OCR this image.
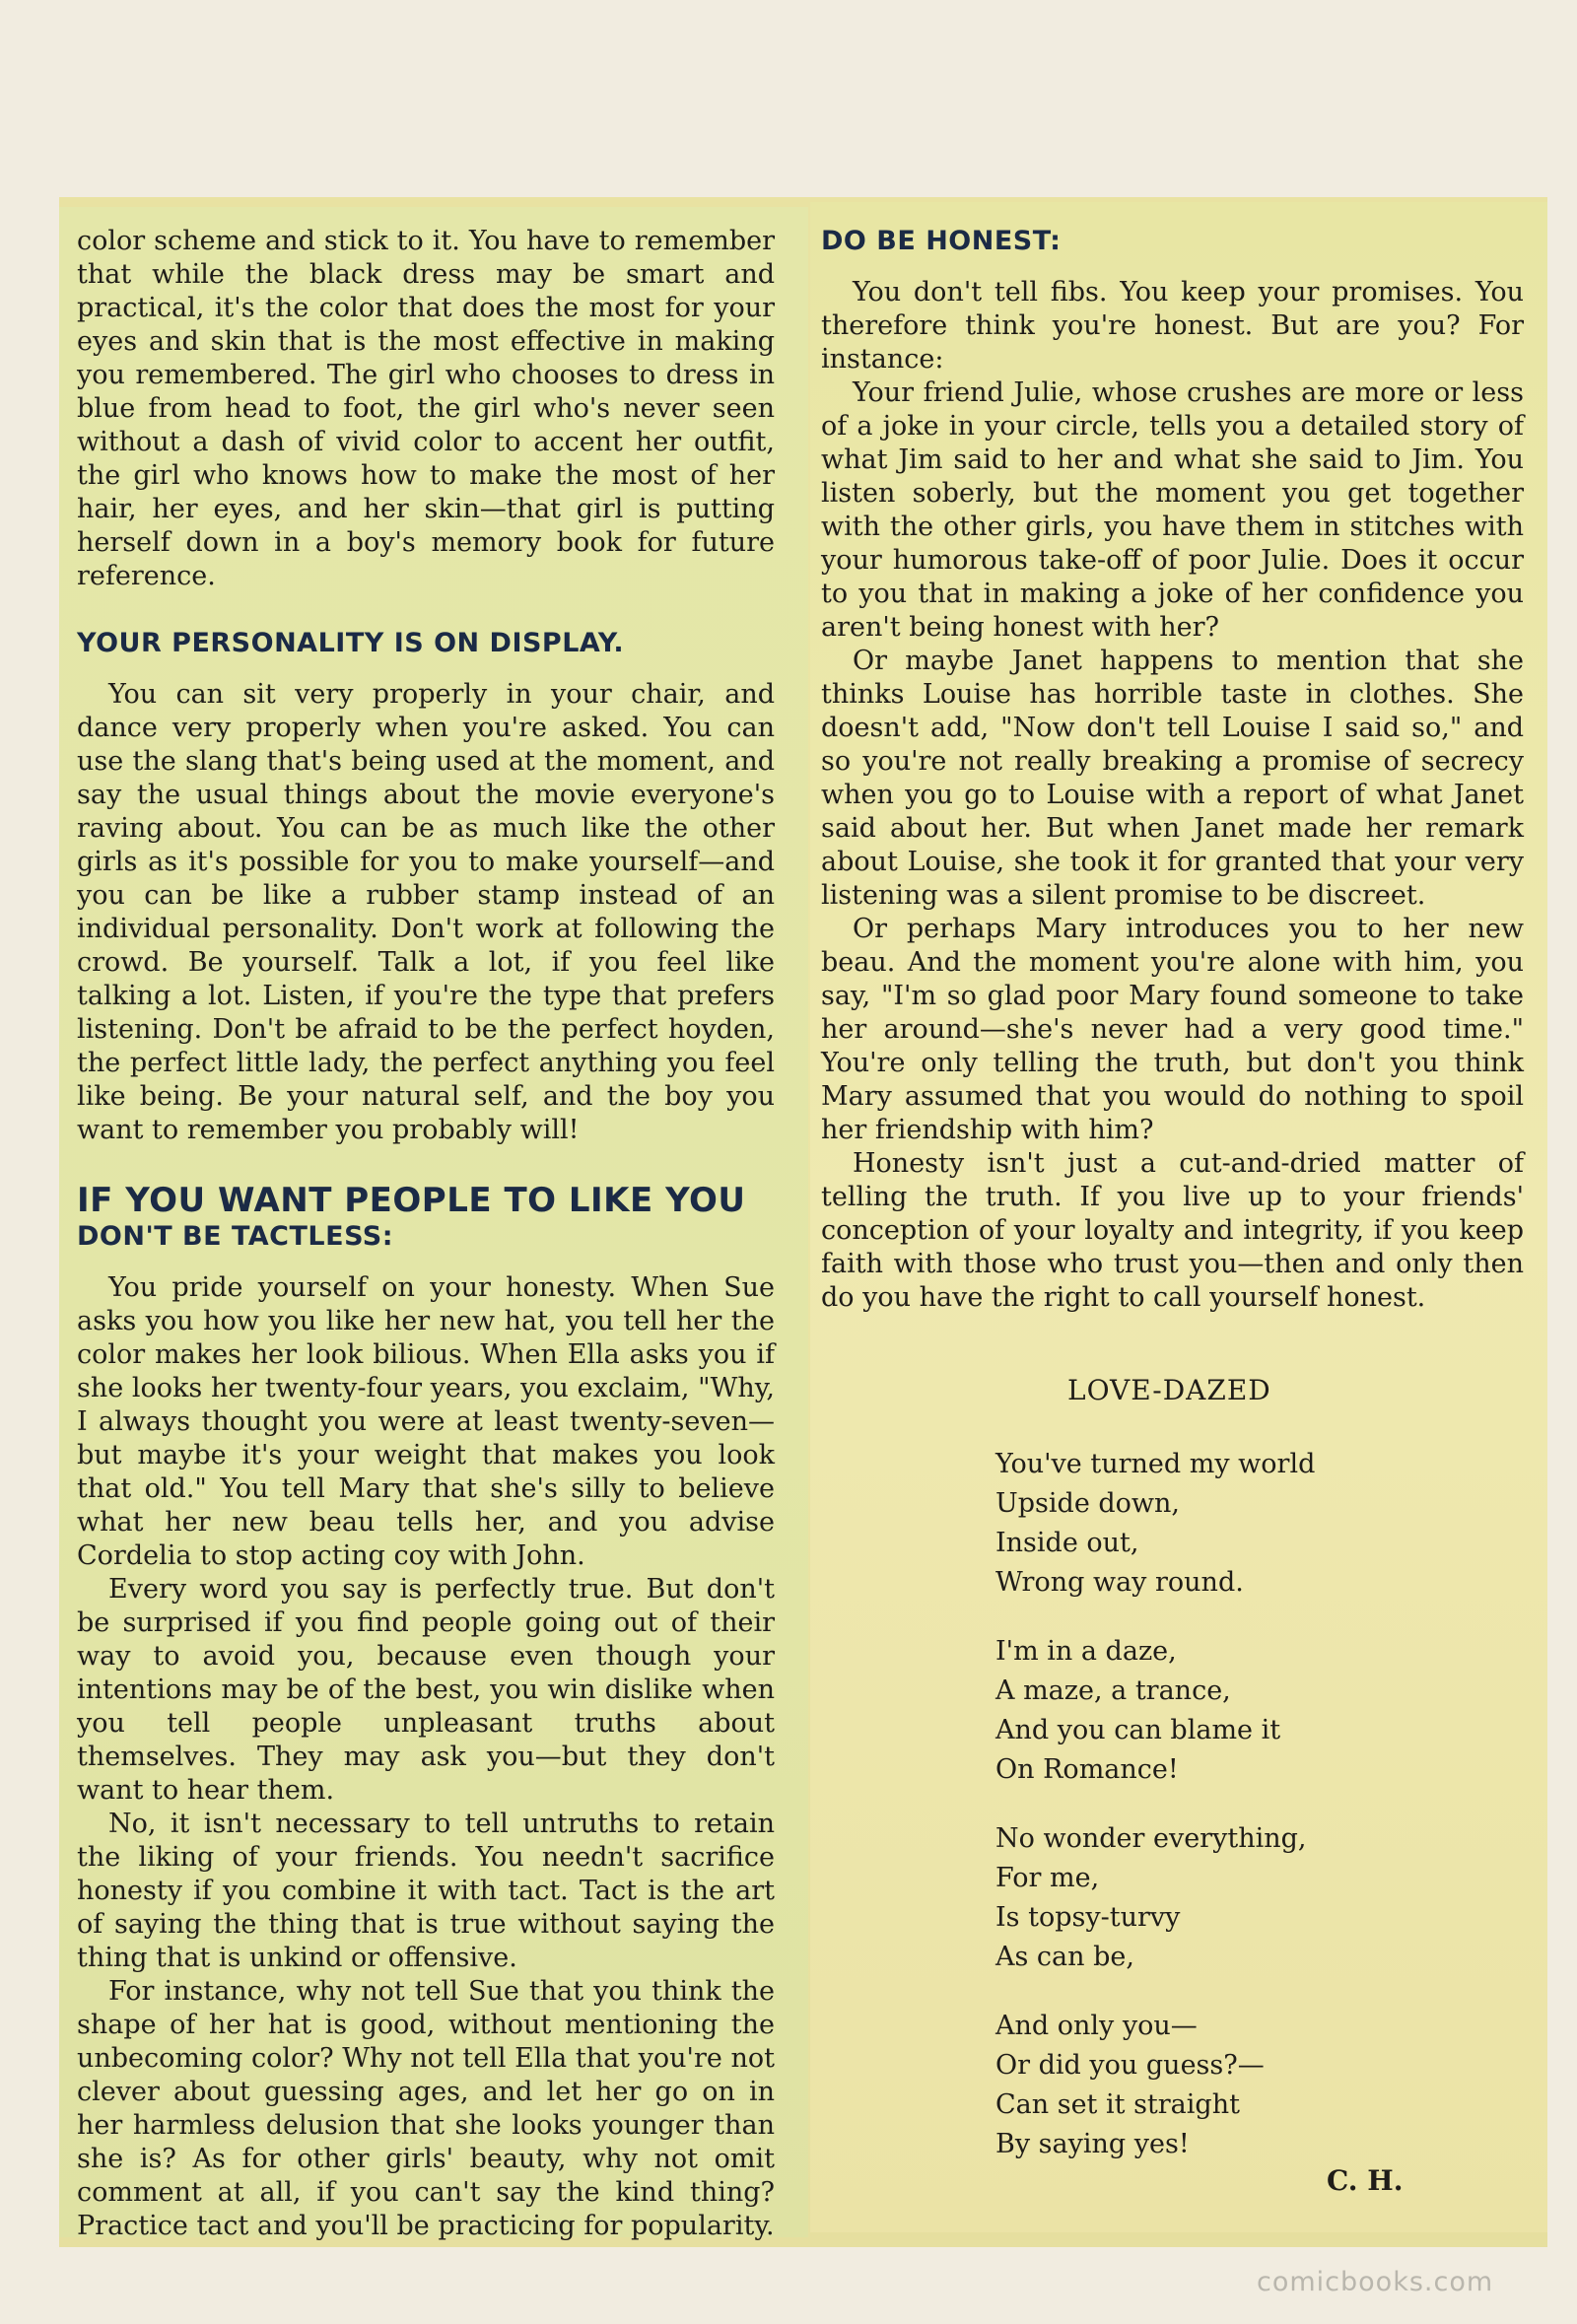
color scheme and stick to it. You have to remember that while the black dress may be smart and practical, it's the color that does the most for your eyes and skin that is the most effective in making you remembered. The girl who chooses to dress in blue from head to foot, the girl who's never seen without a dash of vivid color to accent her outfit, the girl who knows how to make the most of her hair, her eyes, and her skin—that girl is putting herself down in a boy's memory book for future reference.

YOUR PERSONALITY IS ON DISPLAY.

You can sit very properly in your chair, and dance very properly when you're asked. You can use the slang that's being used at the moment, and say the usual things about the movie everyone's raving about. You can be as much like the other girls as it's possible for you to make yourself—and you can be like a rubber stamp instead of an individual personality. Don't work at following the crowd. Be yourself. Talk a lot, if you feel like talking a lot. Listen, if you're the type that prefers listening. Don't be afraid to be the perfect hoyden, the perfect little lady, the perfect anything you feel like being. Be your natural self, and the boy you want to remember you probably will!

IF YOU WANT PEOPLE TO LIKE YOU
DON'T BE TACTLESS:

You pride yourself on your honesty. When Sue asks you how you like her new hat, you tell her the color makes her look bilious. When Ella asks you if she looks her twenty-four years, you exclaim, "Why, I always thought you were at least twenty-seven—but maybe it's your weight that makes you look that old." You tell Mary that she's silly to believe what her new beau tells her, and you advise Cordelia to stop acting coy with John.

Every word you say is perfectly true. But don't be surprised if you find people going out of their way to avoid you, because even though your intentions may be of the best, you win dislike when you tell people unpleasant truths about themselves. They may ask you—but they don't want to hear them.

No, it isn't necessary to tell untruths to retain the liking of your friends. You needn't sacrifice honesty if you combine it with tact. Tact is the art of saying the thing that is true without saying the thing that is unkind or offensive.

For instance, why not tell Sue that you think the shape of her hat is good, without mentioning the unbecoming color? Why not tell Ella that you're not clever about guessing ages, and let her go on in her harmless delusion that she looks younger than she is? As for other girls' beauty, why not omit comment at all, if you can't say the kind thing? Practice tact and you'll be practicing for popularity.

DO BE HONEST:

You don't tell fibs. You keep your promises. You therefore think you're honest. But are you? For instance:

Your friend Julie, whose crushes are more or less of a joke in your circle, tells you a detailed story of what Jim said to her and what she said to Jim. You listen soberly, but the moment you get together with the other girls, you have them in stitches with your humorous take-off of poor Julie. Does it occur to you that in making a joke of her confidence you aren't being honest with her?

Or maybe Janet happens to mention that she thinks Louise has horrible taste in clothes. She doesn't add, "Now don't tell Louise I said so," and so you're not really breaking a promise of secrecy when you go to Louise with a report of what Janet said about her. But when Janet made her remark about Louise, she took it for granted that your very listening was a silent promise to be discreet.

Or perhaps Mary introduces you to her new beau. And the moment you're alone with him, you say, "I'm so glad poor Mary found someone to take her around—she's never had a very good time." You're only telling the truth, but don't you think Mary assumed that you would do nothing to spoil her friendship with him?

Honesty isn't just a cut-and-dried matter of telling the truth. If you live up to your friends' conception of your loyalty and integrity, if you keep faith with those who trust you—then and only then do you have the right to call yourself honest.

LOVE-DAZED
You've turned my world
Upside down,
Inside out,
Wrong way round.
I'm in a daze,
A maze, a trance,
And you can blame it
On Romance!
No wonder everything,
For me,
Is topsy-turvy
As can be,
And only you—
Or did you guess?—
Can set it straight
By saying yes!
C. H.
comicbooks.com
